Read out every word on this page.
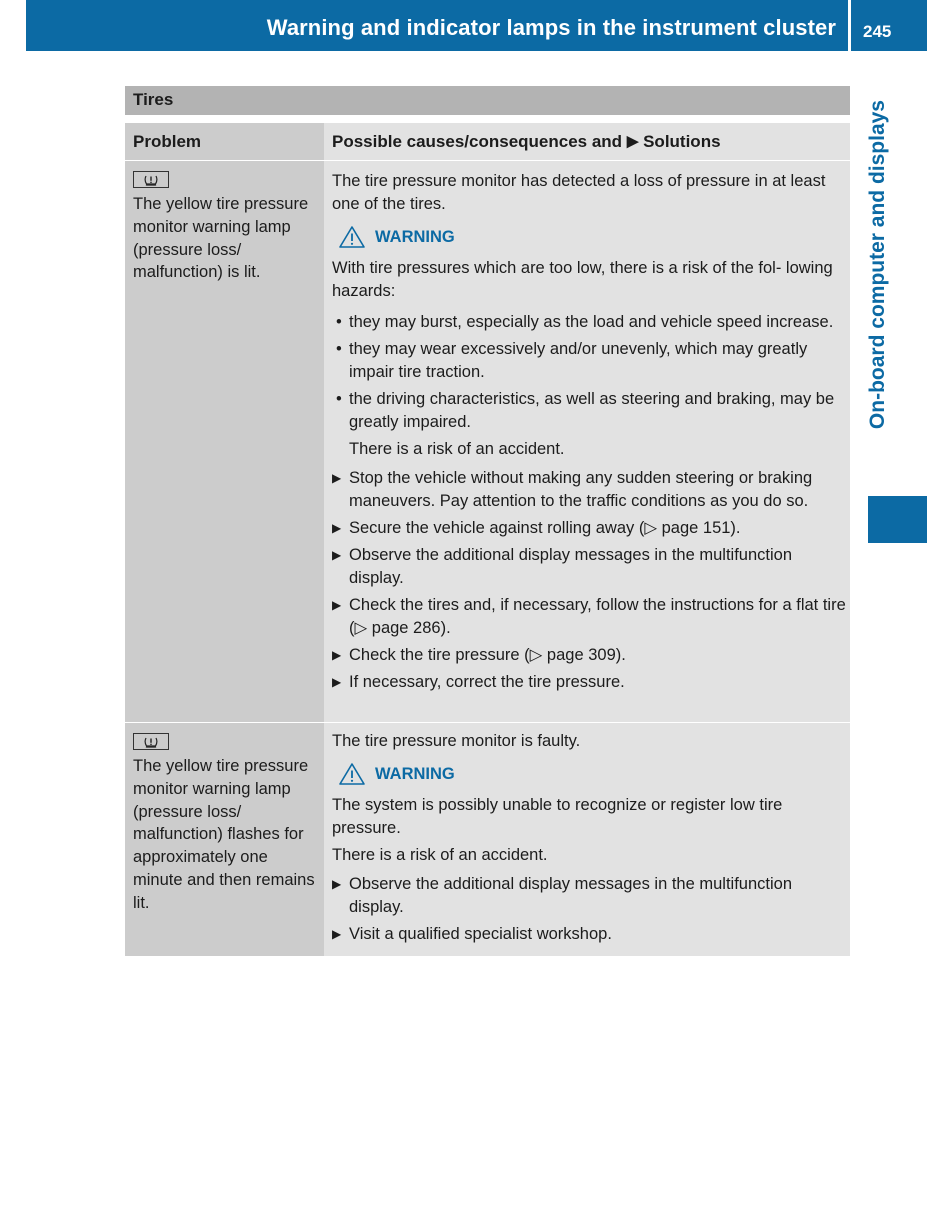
Warning and indicator lamps in the instrument cluster 245
On-board computer and displays
Tires
Problem	Possible causes/consequences and ▶ Solutions
The yellow tire pressure monitor warning lamp (pressure loss/ malfunction) is lit.

The tire pressure monitor has detected a loss of pressure in at least one of the tires.

WARNING

With tire pressures which are too low, there is a risk of the fol- lowing hazards:

• they may burst, especially as the load and vehicle speed increase.
• they may wear excessively and/or unevenly, which may greatly impair tire traction.
• the driving characteristics, as well as steering and braking, may be greatly impaired.
There is a risk of an accident.
▶ Stop the vehicle without making any sudden steering or braking maneuvers. Pay attention to the traffic conditions as you do so.
▶ Secure the vehicle against rolling away (▷ page 151).
▶ Observe the additional display messages in the multifunction display.
▶ Check the tires and, if necessary, follow the instructions for a flat tire (▷ page 286).
▶ Check the tire pressure (▷ page 309).
▶ If necessary, correct the tire pressure.
The yellow tire pressure monitor warning lamp (pressure loss/ malfunction) flashes for approximately one minute and then remains lit.

The tire pressure monitor is faulty.

WARNING

The system is possibly unable to recognize or register low tire pressure.

There is a risk of an accident.

▶ Observe the additional display messages in the multifunction display.
▶ Visit a qualified specialist workshop.
